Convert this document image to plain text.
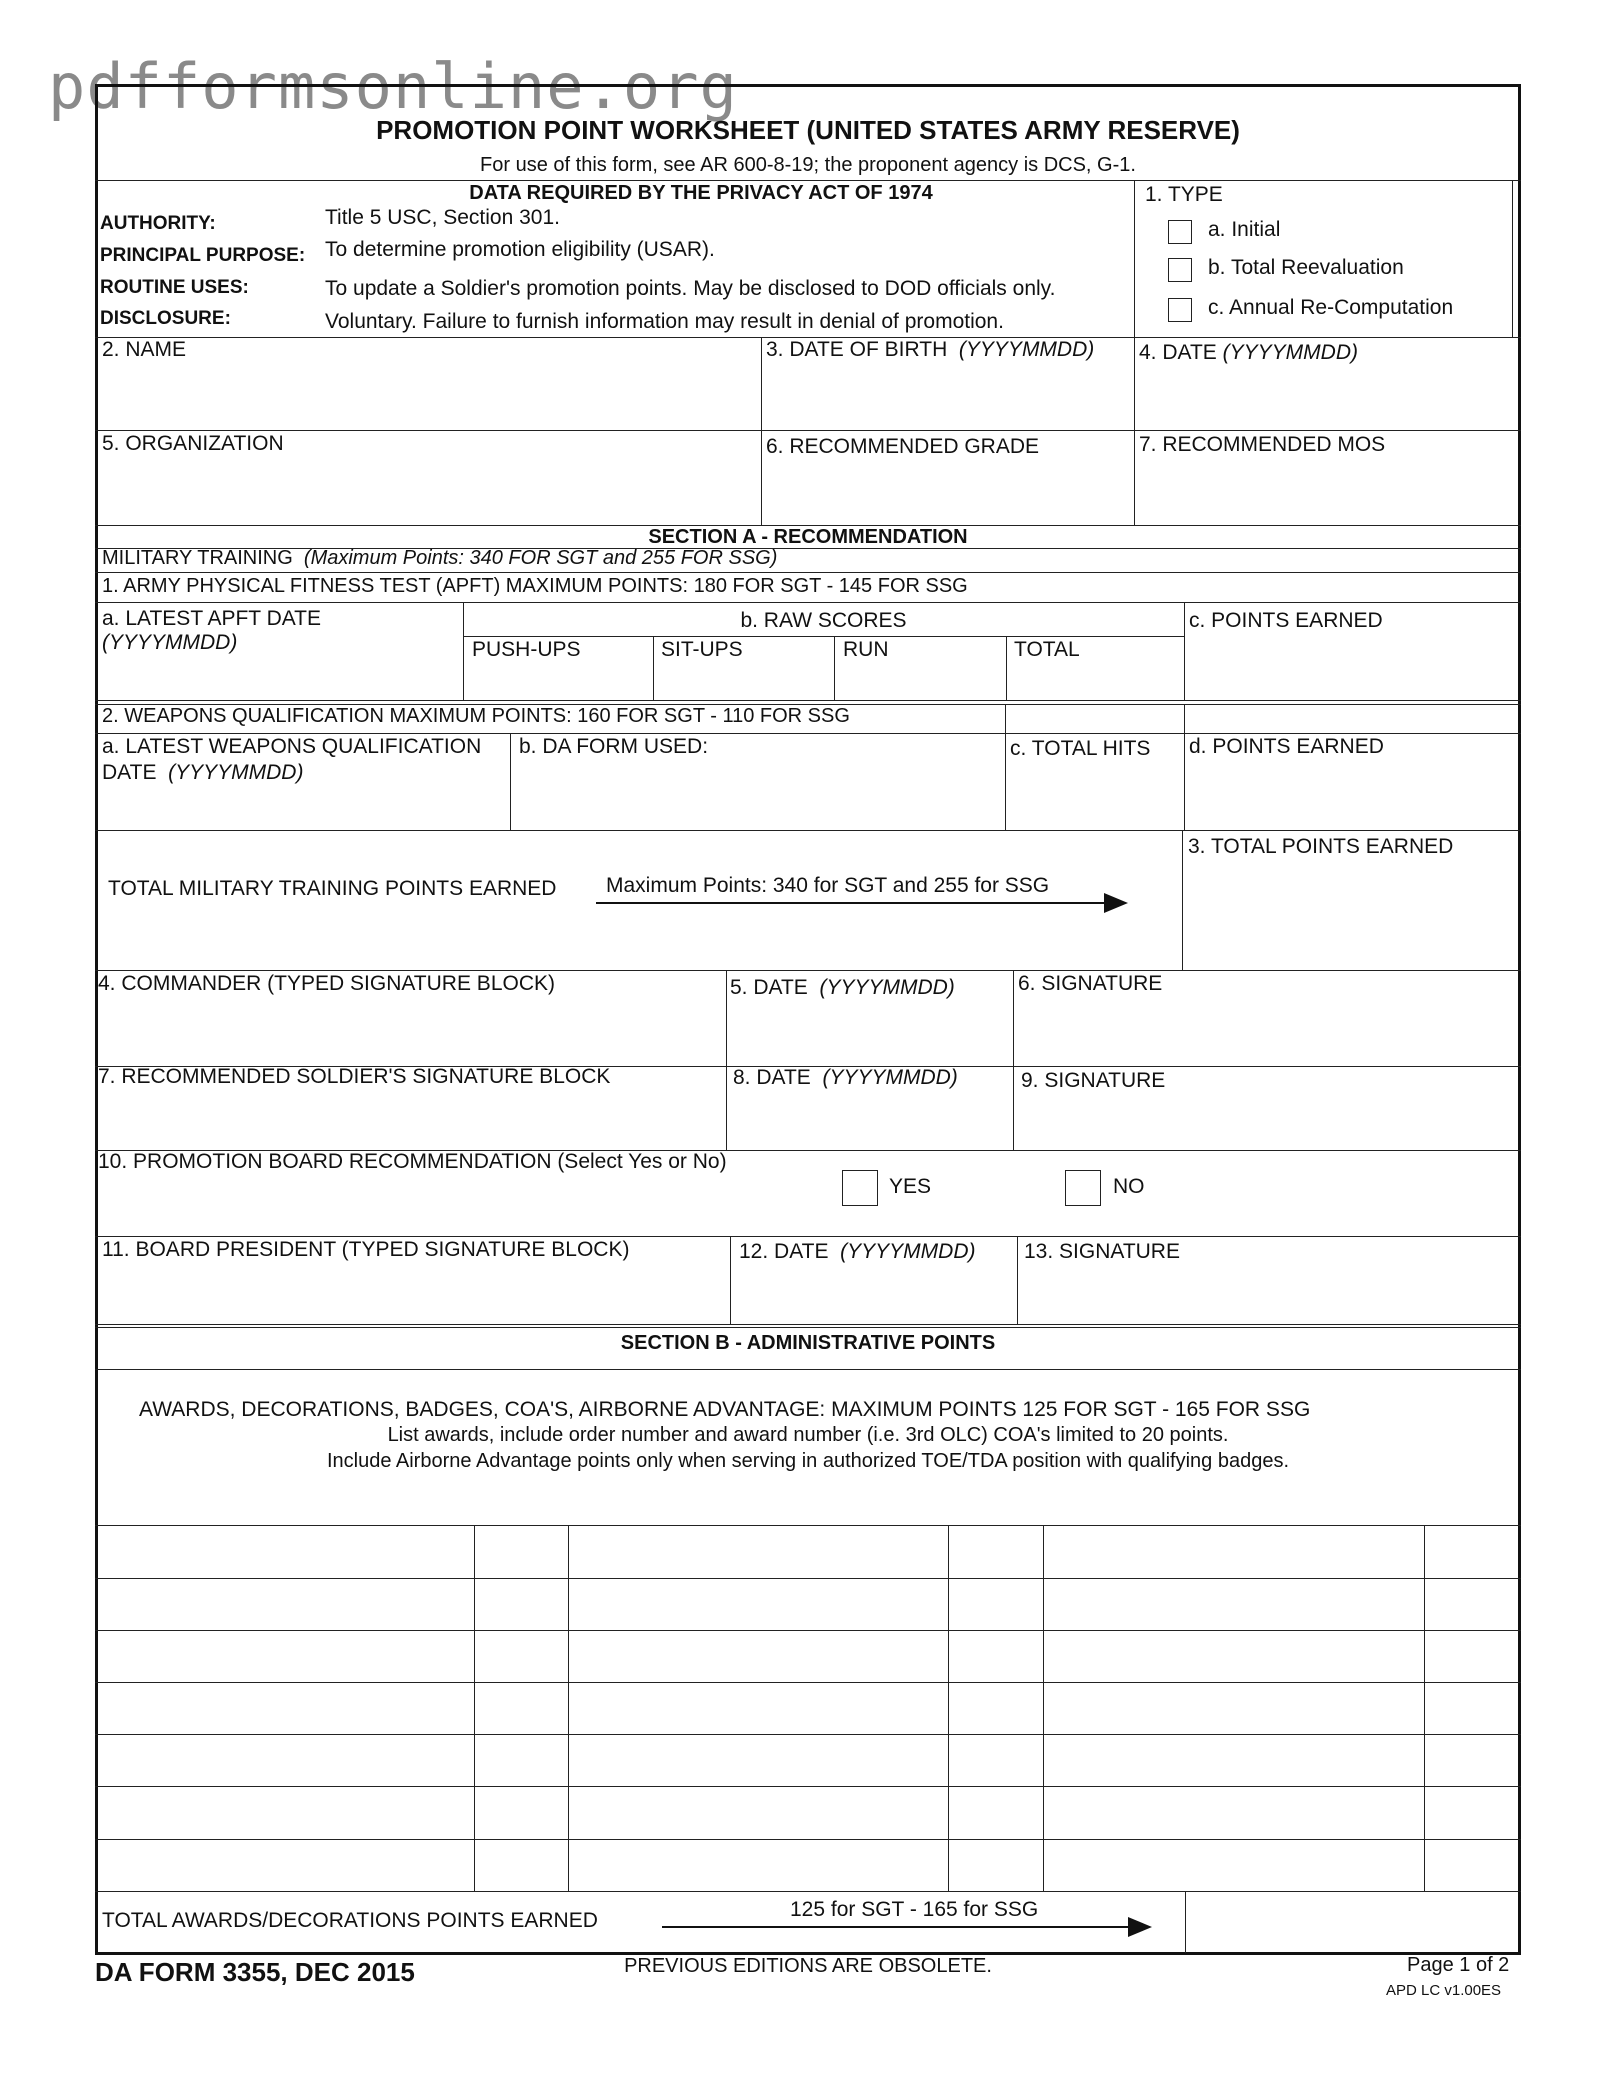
pdfformsonline.org
PROMOTION POINT WORKSHEET (UNITED STATES ARMY RESERVE)
For use of this form, see AR 600-8-19; the proponent agency is DCS, G-1.
DATA REQUIRED BY THE PRIVACY ACT OF 1974
AUTHORITY:	Title 5 USC, Section 301.
PRINCIPAL PURPOSE: To determine promotion eligibility (USAR).
ROUTINE USES:	To update a Soldier's promotion points. May be disclosed to DOD officials only.
DISCLOSURE:	Voluntary. Failure to furnish information may result in denial of promotion.
1. TYPE
a. Initial
b. Total Reevaluation
c. Annual Re-Computation
2. NAME	3. DATE OF BIRTH (YYYYMMDD) 4. DATE (YYYYMMDD)
5. ORGANIZATION	6. RECOMMENDED GRADE	7. RECOMMENDED MOS
SECTION A - RECOMMENDATION
MILITARY TRAINING (Maximum Points: 340 FOR SGT and 255 FOR SSG)
1. ARMY PHYSICAL FITNESS TEST (APFT) MAXIMUM POINTS: 180 FOR SGT - 145 FOR SSG
a. LATEST APFT DATE
(YYYYMMDD)
b. RAW SCORES
PUSH-UPS	SIT-UPS	RUN	TOTAL
c. POINTS EARNED
2. WEAPONS QUALIFICATION MAXIMUM POINTS: 160 FOR SGT - 110 FOR SSG
a. LATEST WEAPONS QUALIFICATION
DATE (YYYYMMDD)
b. DA FORM USED:	c. TOTAL HITS d. POINTS EARNED
3. TOTAL POINTS EARNED
TOTAL MILITARY TRAINING POINTS EARNED Maximum Points: 340 for SGT and 255 for SSG
4. COMMANDER (TYPED SIGNATURE BLOCK)	5. DATE (YYYYMMDD)	6. SIGNATURE
7. RECOMMENDED SOLDIER'S SIGNATURE BLOCK	8. DATE (YYYYMMDD)	9. SIGNATURE
10. PROMOTION BOARD RECOMMENDATION (Select Yes or No)
YES	NO
11. BOARD PRESIDENT (TYPED SIGNATURE BLOCK)	12. DATE (YYYYMMDD) 13. SIGNATURE
SECTION B - ADMINISTRATIVE POINTS
AWARDS, DECORATIONS, BADGES, COA'S, AIRBORNE ADVANTAGE: MAXIMUM POINTS 125 FOR SGT - 165 FOR SSG
List awards, include order number and award number (i.e. 3rd OLC) COA's limited to 20 points.
Include Airborne Advantage points only when serving in authorized TOE/TDA position with qualifying badges.
TOTAL AWARDS/DECORATIONS POINTS EARNED	125 for SGT - 165 for SSG
DA FORM 3355, DEC 2015	PREVIOUS EDITIONS ARE OBSOLETE.	Page 1 of 2
APD LC v1.00ES
